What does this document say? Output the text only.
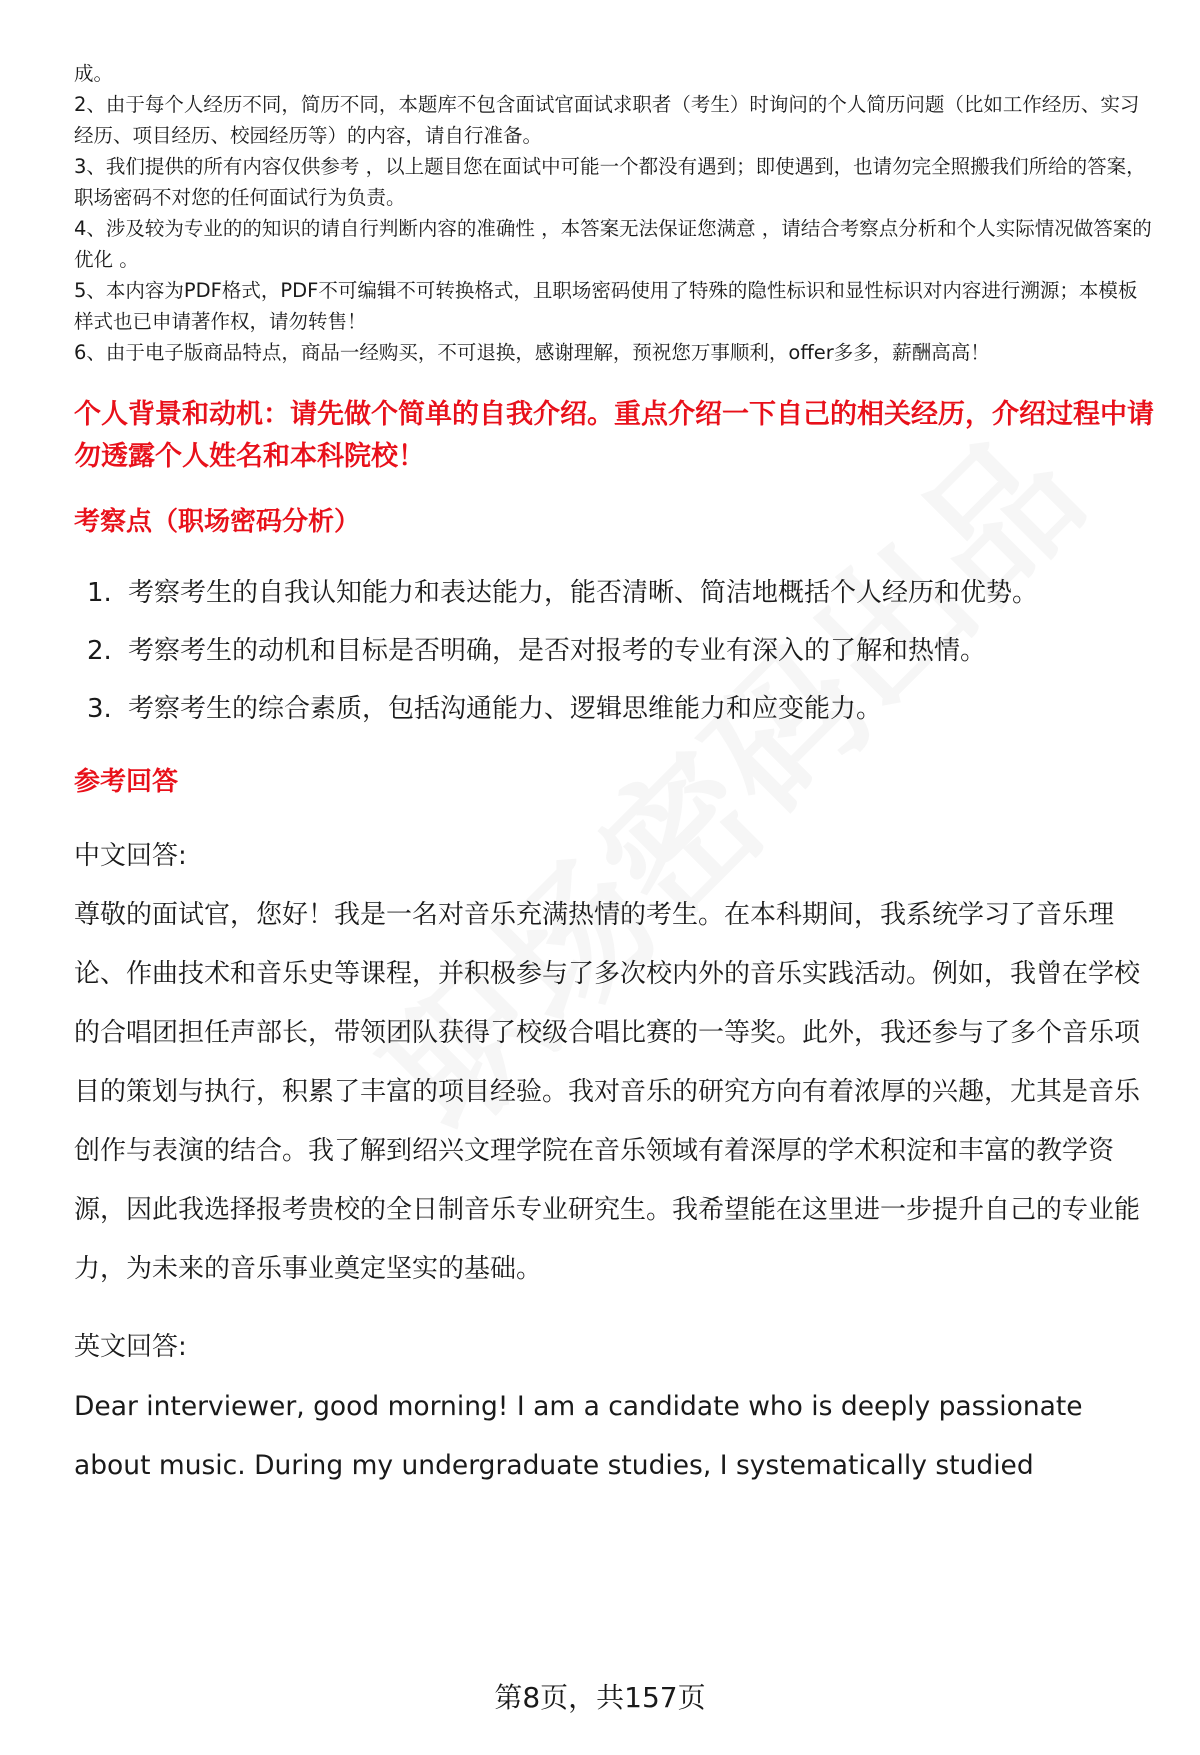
成。

2、由于每个人经历不同，简历不同，本题库不包含面试官面试求职者（考生）时询问的个人简历问题（比如工作经历、实习经历、项目经历、校园经历等）的内容，请自行准备。

3、我们提供的所有内容仅供参考 ，以上题目您在面试中可能一个都没有遇到；即使遇到，也请勿完全照搬我们所给的答案，职场密码不对您的任何面试行为负责。

4、涉及较为专业的的知识的请自行判断内容的准确性 ，本答案无法保证您满意 ，请结合考察点分析和个人实际情况做答案的优化 。

5、本内容为PDF格式，PDF不可编辑不可转换格式，且职场密码使用了特殊的隐性标识和显性标识对内容进行溯源；本模板样式也已申请著作权，请勿转售！

6、由于电子版商品特点，商品一经购买，不可退换，感谢理解，预祝您万事顺利，offer多多，薪酬高高！

个人背景和动机：请先做个简单的自我介绍。重点介绍一下自己的相关经历，介绍过程中请勿透露个人姓名和本科院校！
考察点（职场密码分析）
1. 考察考生的自我认知能力和表达能力，能否清晰、简洁地概括个人经历和优势。
2. 考察考生的动机和目标是否明确，是否对报考的专业有深入的了解和热情。
3. 考察考生的综合素质，包括沟通能力、逻辑思维能力和应变能力。
参考回答
中文回答:

尊敬的面试官，您好！我是一名对音乐充满热情的考生。在本科期间，我系统学习了音乐理论、作曲技术和音乐史等课程，并积极参与了多次校内外的音乐实践活动。例如，我曾在学校的合唱团担任声部长，带领团队获得了校级合唱比赛的一等奖。此外，我还参与了多个音乐项目的策划与执行，积累了丰富的项目经验。我对音乐的研究方向有着浓厚的兴趣，尤其是音乐创作与表演的结合。我了解到绍兴文理学院在音乐领域有着深厚的学术积淀和丰富的教学资源，因此我选择报考贵校的全日制音乐专业研究生。我希望能在这里进一步提升自己的专业能力，为未来的音乐事业奠定坚实的基础。

英文回答:

Dear interviewer, good morning! I am a candidate who is deeply passionate about music. During my undergraduate studies, I systematically studied

第8页，共157页
